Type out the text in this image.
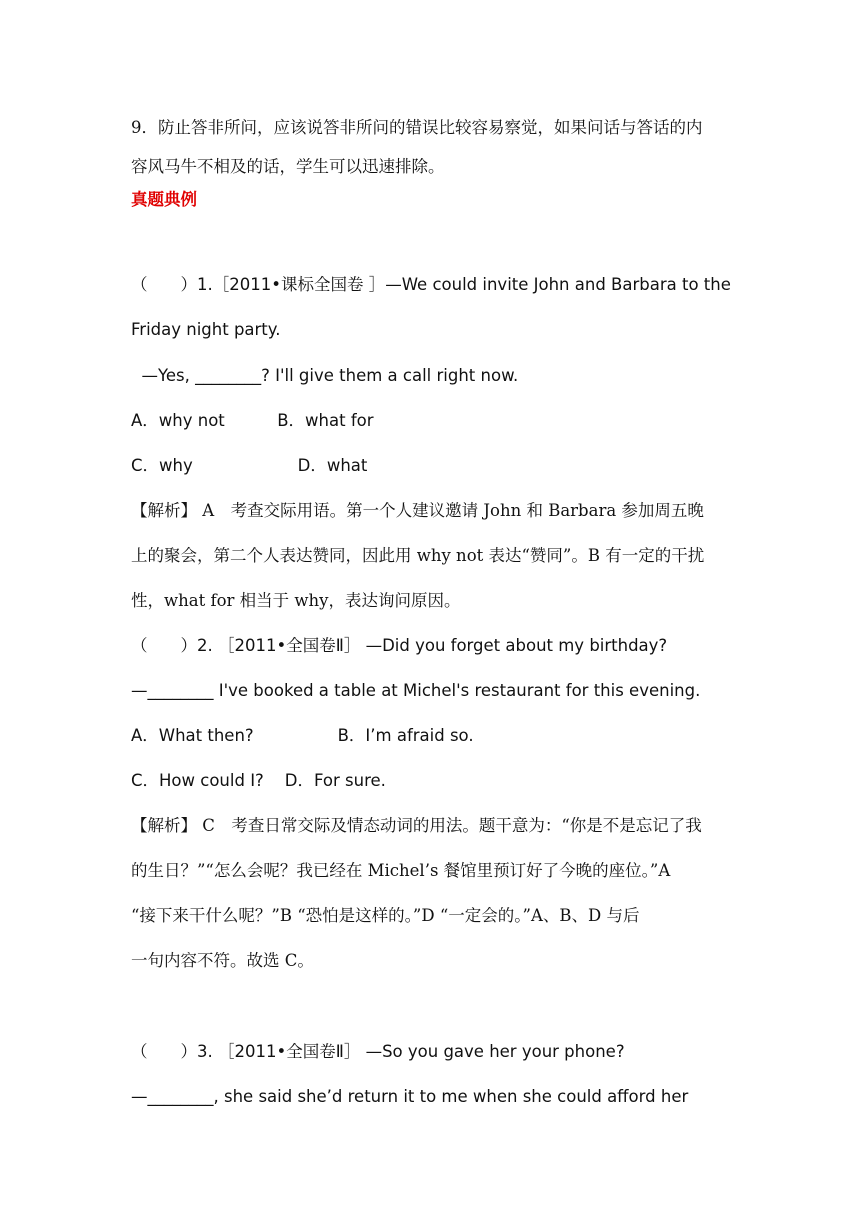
9．防止答非所问，应该说答非所问的错误比较容易察觉，如果问话与答话的内
容风马牛不相及的话，学生可以迅速排除。
真题典例
（　　）1.［2011•课标全国卷 ］—We could invite John and Barbara to the
Friday night party.
—Yes, ________? I'll give them a call right now.
A．why not          B．what for
C．why                    D．what
【解析】 A　考查交际用语。第一个人建议邀请 John 和 Barbara 参加周五晚
上的聚会，第二个人表达赞同，因此用 why not 表达“赞同”。B 有一定的干扰
性，what for 相当于 why，表达询问原因。
（　　）2. ［2011•全国卷Ⅱ］ —Did you forget about my birthday?
—________ I've booked a table at Michel's restaurant for this evening.
A．What then?                B．I’m afraid so.
C．How could I?    D．For sure.
【解析】 C　考查日常交际及情态动词的用法。题干意为：“你是不是忘记了我
的生日？”“怎么会呢？我已经在 Michel’s 餐馆里预订好了今晚的座位。”A
“接下来干什么呢？”B “恐怕是这样的。”D “一定会的。”A、B、D 与后
一句内容不符。故选 C。
（　　）3. ［2011•全国卷Ⅱ］ —So you gave her your phone?
—________, she said she’d return it to me when she could afford her
